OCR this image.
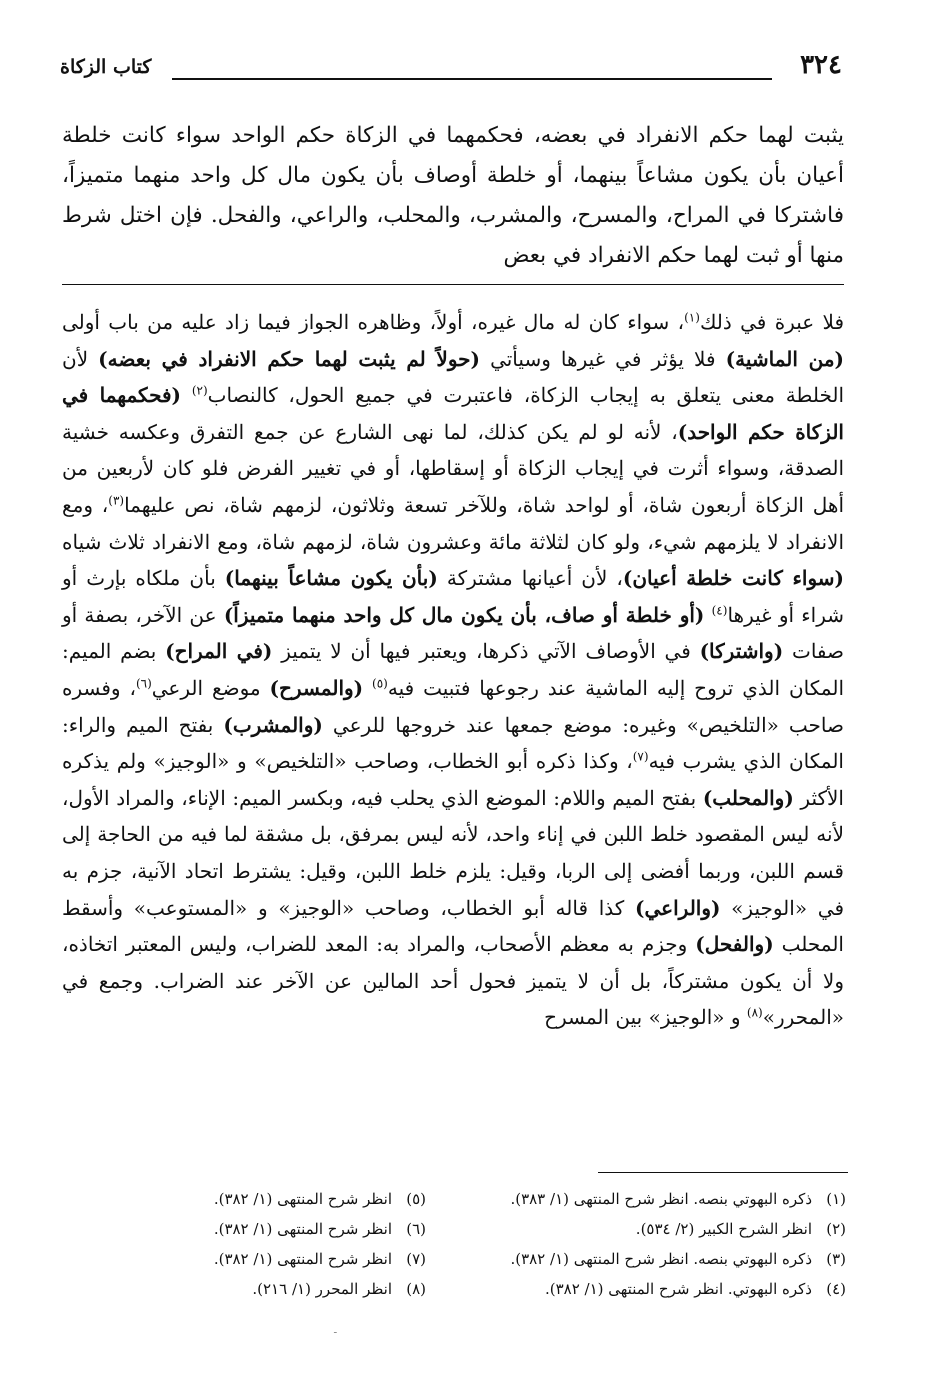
٣٢٤
كتاب الزكاة
يثبت لهما حكم الانفراد في بعضه، فحكمهما في الزكاة حكم الواحد سواء كانت خلطة أعيان بأن يكون مشاعاً بينهما، أو خلطة أوصاف بأن يكون مال كل واحد منهما متميزاً، فاشتركا في المراح، والمسرح، والمشرب، والمحلب، والراعي، والفحل. فإن اختل شرط منها أو ثبت لهما حكم الانفراد في بعض
فلا عبرة في ذلك$^{(١)}$، سواء كان له مال غيره، أولاً، وظاهره الجواز فيما زاد عليه من باب أولى (من الماشية) فلا يؤثر في غيرها وسيأتي (حولاً لم يثبت لهما حكم الانفراد في بعضه) لأن الخلطة معنى يتعلق به إيجاب الزكاة، فاعتبرت في جميع الحول، كالنصاب$^{(٢)}$ (فحكمهما في الزكاة حكم الواحد)، لأنه لو لم يكن كذلك، لما نهى الشارع عن جمع التفرق وعكسه خشية الصدقة، وسواء أثرت في إيجاب الزكاة أو إسقاطها، أو في تغيير الفرض فلو كان لأربعين من أهل الزكاة أربعون شاة، أو لواحد شاة، وللآخر تسعة وثلاثون، لزمهم شاة، نص عليهما$^{(٣)}$، ومع الانفراد لا يلزمهم شيء، ولو كان لثلاثة مائة وعشرون شاة، لزمهم شاة، ومع الانفراد ثلاث شياه (سواء كانت خلطة أعيان)، لأن أعيانها مشتركة (بأن يكون مشاعاً بينهما) بأن ملكاه بإرث أو شراء أو غيرها$^{(٤)}$ (أو خلطة أو صاف، بأن يكون مال كل واحد منهما متميزاً) عن الآخر، بصفة أو صفات (واشتركا) في الأوصاف الآتي ذكرها، ويعتبر فيها أن لا يتميز (في المراح) بضم الميم: المكان الذي تروح إليه الماشية عند رجوعها فتبيت فيه$^{(٥)}$ (والمسرح) موضع الرعي$^{(٦)}$، وفسره صاحب «التلخيص» وغيره: موضع جمعها عند خروجها للرعي (والمشرب) بفتح الميم والراء: المكان الذي يشرب فيه$^{(٧)}$، وكذا ذكره أبو الخطاب، وصاحب «التلخيص» و «الوجيز» ولم يذكره الأكثر (والمحلب) بفتح الميم واللام: الموضع الذي يحلب فيه، وبكسر الميم: الإناء، والمراد الأول، لأنه ليس المقصود خلط اللبن في إناء واحد، لأنه ليس بمرفق، بل مشقة لما فيه من الحاجة إلى قسم اللبن، وربما أفضى إلى الربا، وقيل: يلزم خلط اللبن، وقيل: يشترط اتحاد الآنية، جزم به في «الوجيز» (والراعي) كذا قاله أبو الخطاب، وصاحب «الوجيز» و «المستوعب» وأسقط المحلب (والفحل) وجزم به معظم الأصحاب، والمراد به: المعد للضراب، وليس المعتبر اتخاذه، ولا أن يكون مشتركاً، بل أن لا يتميز فحول أحد المالين عن الآخر عند الضراب. وجمع في «المحرر»$^{(٨)}$ و «الوجيز» بين المسرح
(١)ذكره البهوتي بنصه. انظر شرح المنتهى (١/ ٣٨٣).
(٢)انظر الشرح الكبير (٢/ ٥٣٤).
(٣)ذكره البهوتي بنصه. انظر شرح المنتهى (١/ ٣٨٢).
(٤)ذكره البهوتي. انظر شرح المنتهى (١/ ٣٨٢).
(٥)انظر شرح المنتهى (١/ ٣٨٢).
(٦)انظر شرح المنتهى (١/ ٣٨٢).
(٧)انظر شرح المنتهى (١/ ٣٨٢).
(٨)انظر المحرر (١/ ٢١٦).
ـ
